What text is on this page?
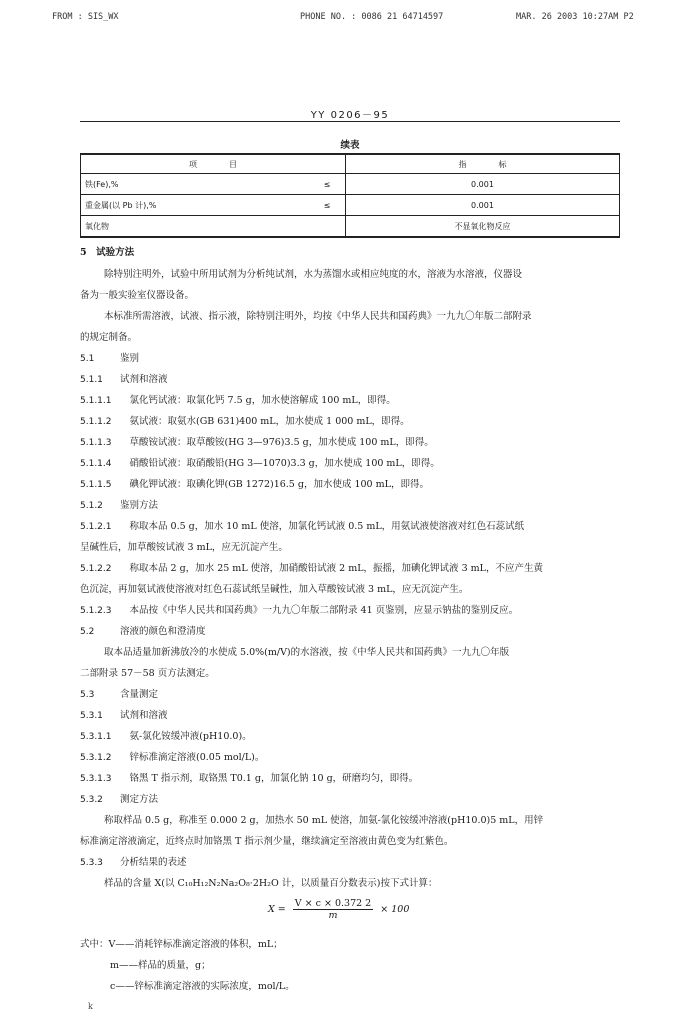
FROM : SIS_WX	PHONE NO. : 0086 21 64714597	MAR. 26 2003 10:27AM P2
YY 0206－95
续表
项　　　　目		指　　　　标
铁(Fe),%	≤	0.001
重金属(以 Pb 计),%	≤	0.001
氧化物		不显氧化物反应
5　试验方法
除特别注明外，试验中所用试剂为分析纯试剂，水为蒸馏水或相应纯度的水，溶液为水溶液，仪器设
备为一般实验室仪器设备。
本标准所需溶液，试液、指示液，除特别注明外，均按《中华人民共和国药典》一九九〇年版二部附录
的规定制备。
5.1	鉴别
5.1.1 试剂和溶液
5.1.1.1　 氯化钙试液：取氯化钙 7.5 g，加水使溶解成 100 mL，即得。
5.1.1.2　 氨试液：取氨水(GB 631)400 mL，加水使成 1 000 mL，即得。
5.1.1.3　 草酸铵试液：取草酸铵(HG 3—976)3.5 g，加水使成 100 mL，即得。
5.1.1.4　 硝酸铅试液：取硝酸铅(HG 3—1070)3.3 g，加水使成 100 mL，即得。
5.1.1.5　 碘化钾试液：取碘化钾(GB 1272)16.5 g，加水使成 100 mL，即得。
5.1.2 鉴别方法
5.1.2.1　 称取本品 0.5 g，加水 10 mL 使溶，加氯化钙试液 0.5 mL，用氨试液使溶液对红色石蕊试纸
呈碱性后，加草酸铵试液 3 mL，应无沉淀产生。
5.1.2.2　 称取本品 2 g，加水 25 mL 使溶，加硝酸铅试液 2 mL，振摇，加碘化钾试液 3 mL，不应产生黄
色沉淀，再加氨试液使溶液对红色石蕊试纸呈碱性，加入草酸铵试液 3 mL，应无沉淀产生。
5.1.2.3　 本品按《中华人民共和国药典》一九九〇年版二部附录 41 页鉴别，应显示钠盐的鉴别反应。
5.2	溶液的颜色和澄清度
取本品适量加新沸放冷的水使成 5.0%(m/V)的水溶液，按《中华人民共和国药典》一九九〇年版
二部附录 57－58 页方法测定。
5.3	含量测定
5.3.1 试剂和溶液
5.3.1.1　 氨-氯化铵缓冲液(pH10.0)。
5.3.1.2　 锌标准滴定溶液(0.05 mol/L)。
5.3.1.3　 铬黑 T 指示剂，取铬黑 T0.1 g，加氯化钠 10 g，研磨均匀，即得。
5.3.2 测定方法
称取样品 0.5 g，称准至 0.000 2 g，加热水 50 mL 使溶，加氨-氯化铵缓冲溶液(pH10.0)5 mL，用锌
标准滴定溶液滴定，近终点时加铬黑 T 指示剂少量，继续滴定至溶液由黄色变为红紫色。
5.3.3 分析结果的表述
样品的含量 X(以 C₁₀H₁₂N₂Na₂O₈·2H₂O 计，以质量百分数表示)按下式计算：
$X = \frac{V \times c \times 0.372 2}{m} \times 100$
式中：V——消耗锌标准滴定溶液的体积，mL；
m——样品的质量，g；
c——锌标准滴定溶液的实际浓度，mol/L。
k
